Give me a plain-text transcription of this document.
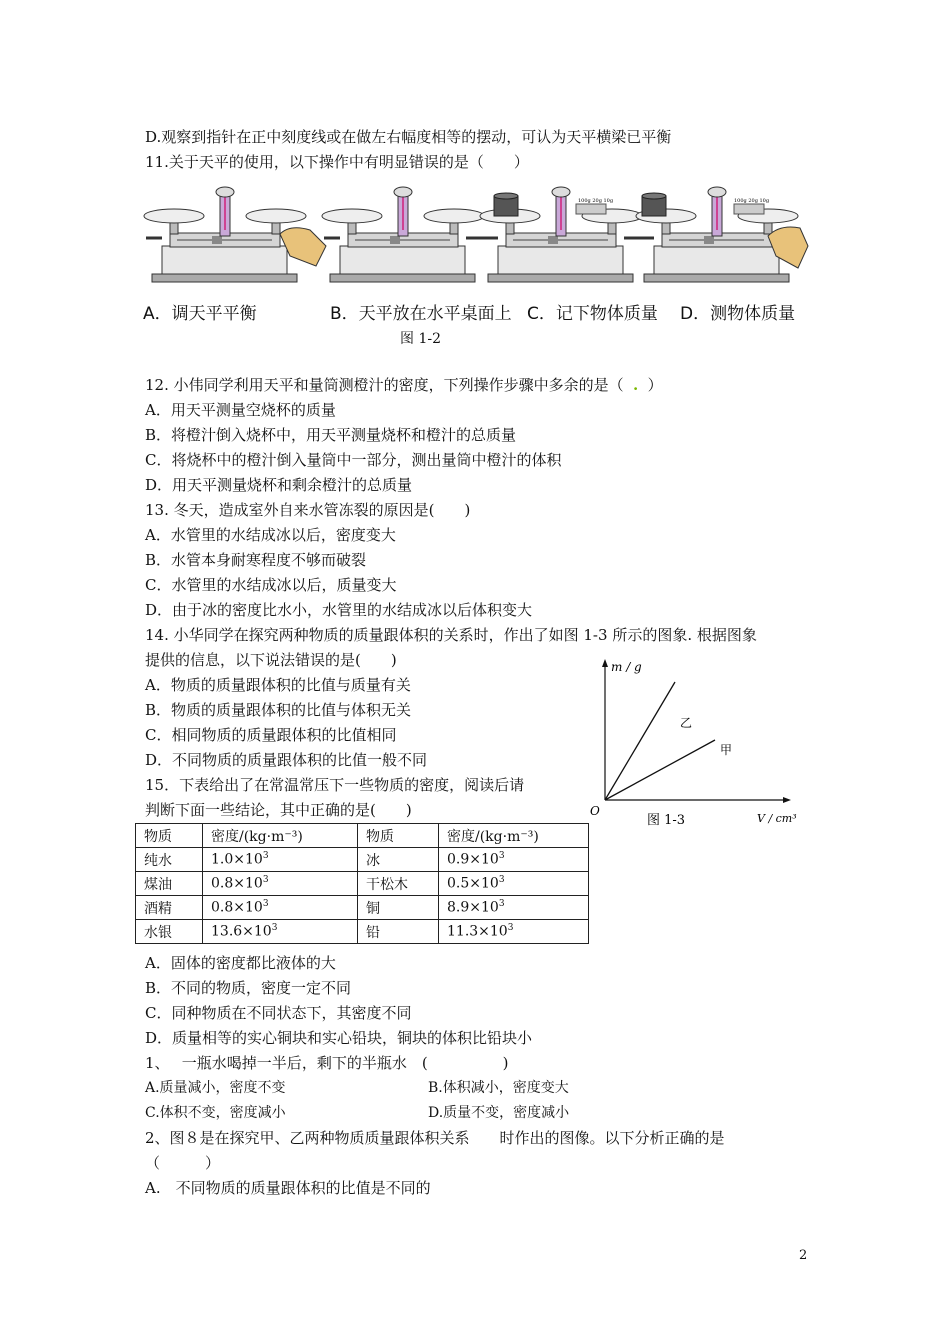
D.观察到指针在正中刻度线或在做左右幅度相等的摆动，可认为天平横梁已平衡
11.关于天平的使用，以下操作中有明显错误的是（　　）
100g 20g 10g	100g 20g 10g
A．调天平平衡	B．天平放在水平桌面上 C．记下物体质量 D．测物体质量
图 1-2
12. 小伟同学利用天平和量筒测橙汁的密度，下列操作步骤中多余的是（ . ）
A．用天平测量空烧杯的质量
B．将橙汁倒入烧杯中，用天平测量烧杯和橙汁的总质量
C．将烧杯中的橙汁倒入量筒中一部分，测出量筒中橙汁的体积
D．用天平测量烧杯和剩余橙汁的总质量
13. 冬天，造成室外自来水管冻裂的原因是(　　)
A．水管里的水结成冰以后，密度变大
B．水管本身耐寒程度不够而破裂
C．水管里的水结成冰以后，质量变大
D．由于冰的密度比水小，水管里的水结成冰以后体积变大
14. 小华同学在探究两种物质的质量跟体积的关系时，作出了如图 1-3 所示的图象. 根据图象
提供的信息，以下说法错误的是(　　)
A．物质的质量跟体积的比值与质量有关
B．物质的质量跟体积的比值与体积无关
C．相同物质的质量跟体积的比值相同
D．不同物质的质量跟体积的比值一般不同
15．下表给出了在常温常压下一些物质的密度，阅读后请
判断下面一些结论，其中正确的是(　　)
m / g
乙
甲
O
图 1-3	V / cm³
物质	密度/(kg·m⁻³)	物质	密度/(kg·m⁻³)
纯水	$1.0\times 10^3$	冰	$0.9\times 10^3$
煤油	$0.8\times 10^3$	干松木	$0.5\times 10^3$
酒精	$0.8\times 10^3$	铜	$8.9\times 10^3$
水银	$13.6\times 10^3$	铅	$11.3\times 10^3$
A．固体的密度都比液体的大
B．不同的物质，密度一定不同
C．同种物质在不同状态下，其密度不同
D．质量相等的实心铜块和实心铅块，铜块的体积比铅块小
1、　 一瓶水喝掉一半后，剩下的半瓶水　(　　　　　)
A.质量减小，密度不变	B.体积减小，密度变大
C.体积不变，密度减小	D.质量不变，密度减小
2、图８是在探究甲、乙两种物质质量跟体积关系　　时作出的图像。以下分析正确的是
（　　　）
A.　不同物质的质量跟体积的比值是不同的
2
